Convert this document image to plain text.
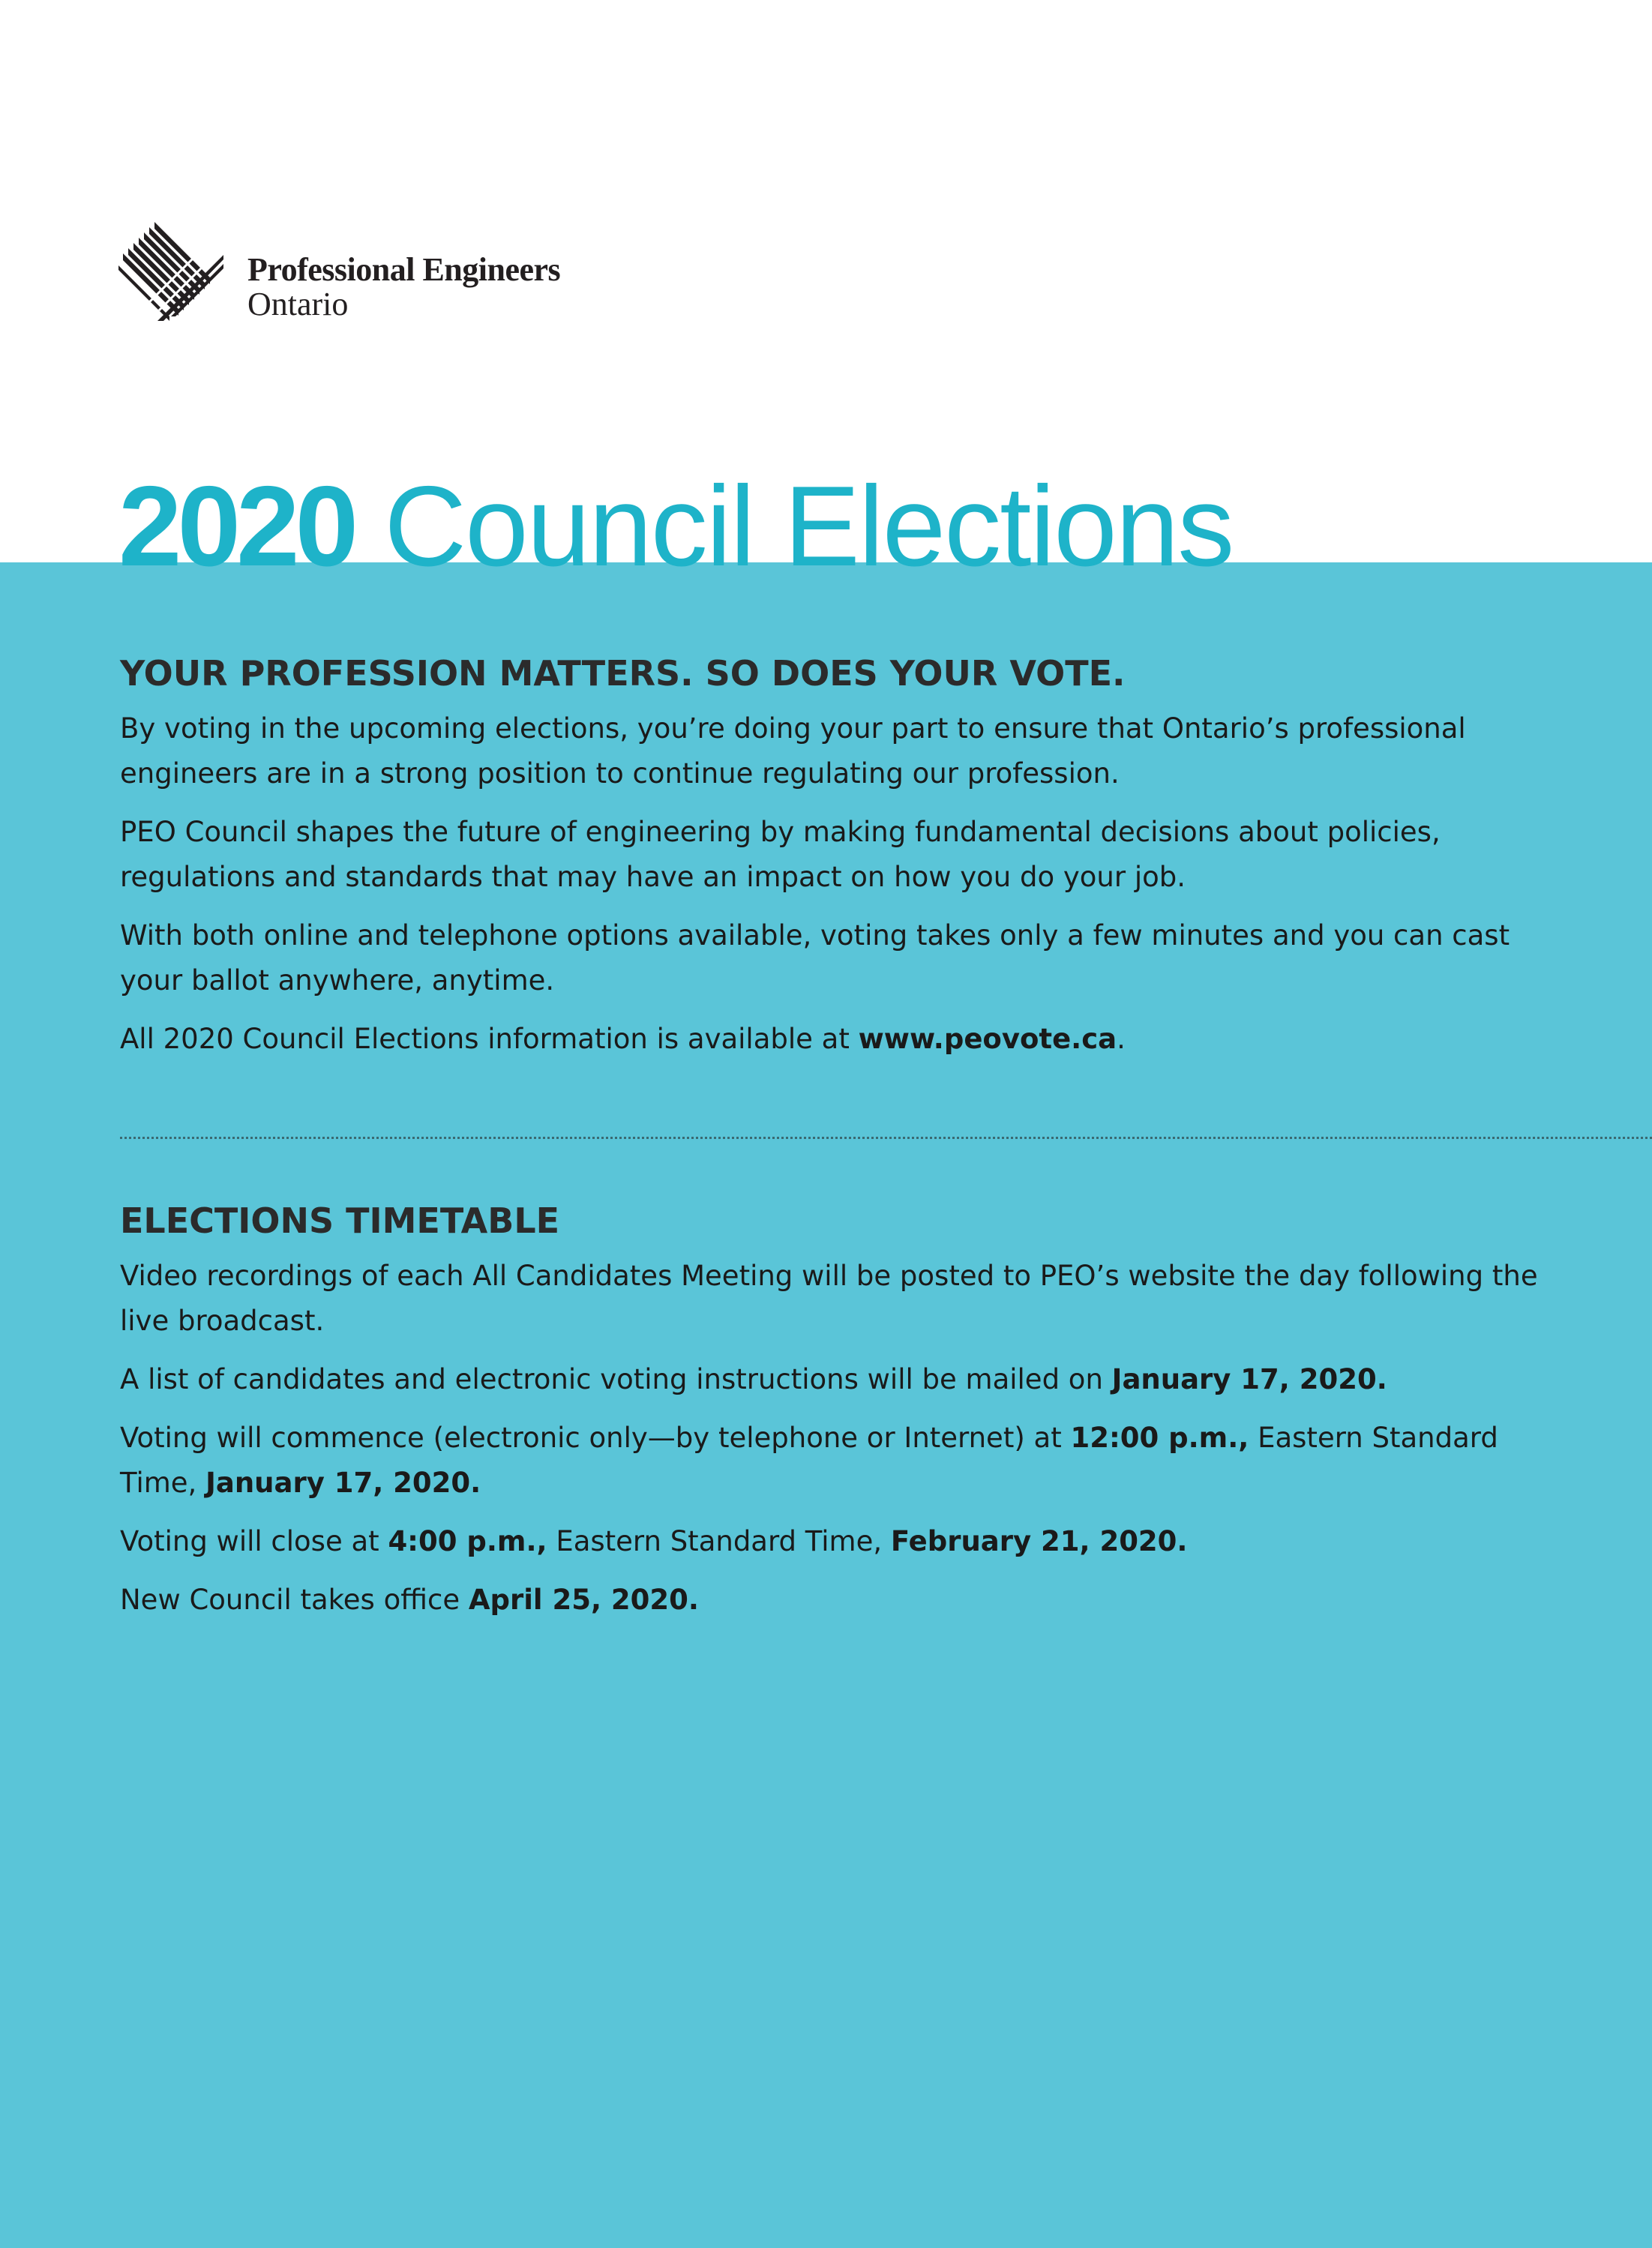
Professional Engineers
Ontario
2020 Council Elections
YOUR PROFESSION MATTERS. SO DOES YOUR VOTE.

By voting in the upcoming elections, you’re doing your part to ensure that Ontario’s professional engineers are in a strong position to continue regulating our profession.

PEO Council shapes the future of engineering by making fundamental decisions about policies, regulations and standards that may have an impact on how you do your job.

With both online and telephone options available, voting takes only a few minutes and you can cast your ballot anywhere, anytime.

All 2020 Council Elections information is available at www.peovote.ca.

ELECTIONS TIMETABLE

Video recordings of each All Candidates Meeting will be posted to PEO’s website the day following the live broadcast.

A list of candidates and electronic voting instructions will be mailed on January 17, 2020.

Voting will commence (electronic only—by telephone or Internet) at 12:00 p.m., Eastern Standard Time, January 17, 2020.

Voting will close at 4:00 p.m., Eastern Standard Time, February 21, 2020.

New Council takes office April 25, 2020.
